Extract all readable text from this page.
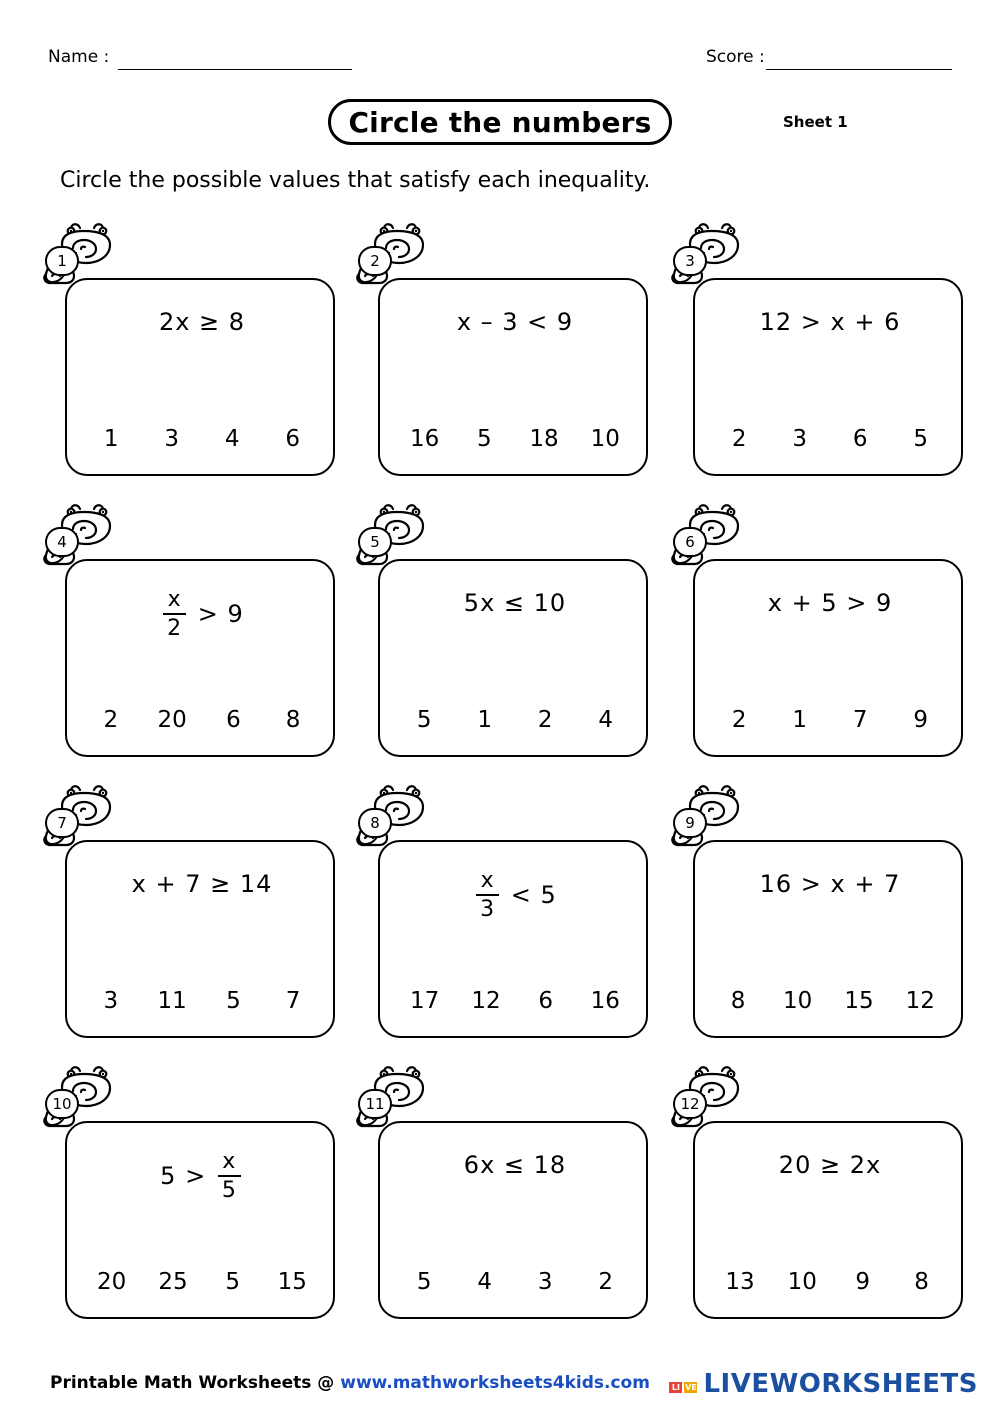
Name :	Score :
Circle the numbers	Sheet 1
Circle the possible values that satisfy each inequality.
2x ≥ 8
1 3 4 6
1
x – 3 < 9
16 5 18 10
2
12 > x + 6
2 3 6 5
3
$\frac{x}{2} > 9$
2 20 6 8
4
5x ≤ 10
5 1 2 4
5
x + 5 > 9
2 1 7 9
6
x + 7 ≥ 14
3 11 5 7
7
$\frac{x}{3} < 5$
17 12 6 16
8
16 > x + 7
8 10 15 12
9
$5 > \frac{x}{5}$
20 25 5 15
10
6x ≤ 18
5 4 3 2
11
20 ≥ 2x
13 10 9 8
12
Printable Math Worksheets @ www.mathworksheets4kids.com	LI VE LIVEWORKSHEETS
